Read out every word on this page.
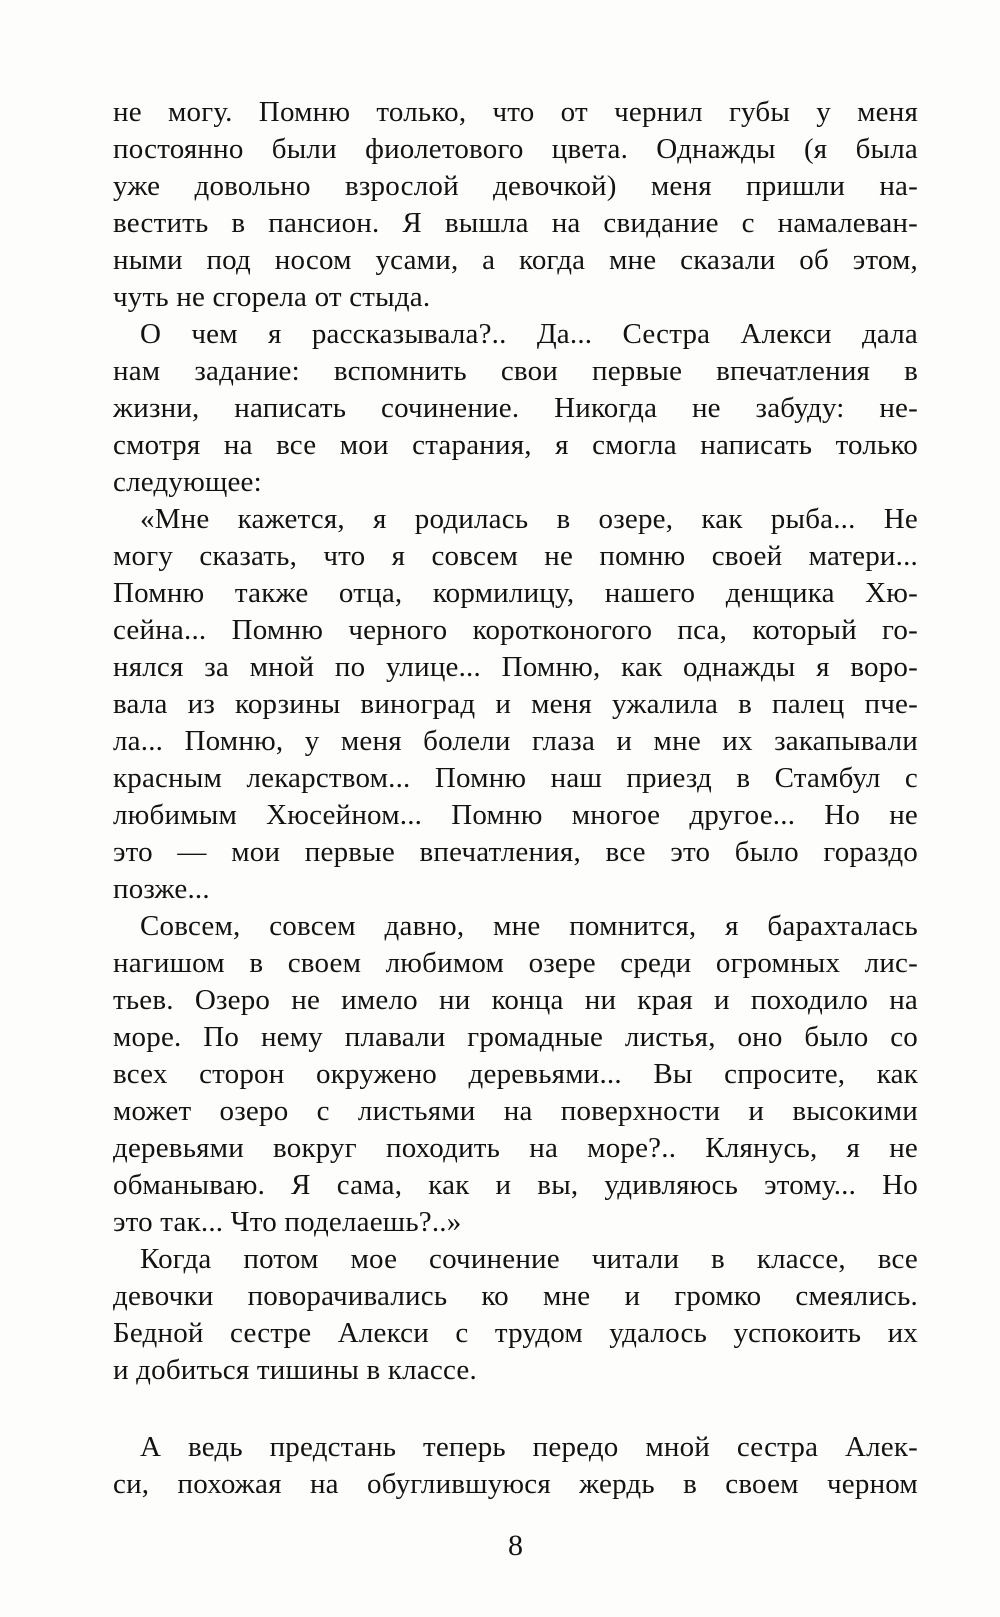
не могу. Помню только, что от чернил губы у меня
постоянно были фиолетового цвета. Однажды (я была
уже довольно взрослой девочкой) меня пришли на-
вестить в пансион. Я вышла на свидание с намалеван-
ными под носом усами, а когда мне сказали об этом,
чуть не сгорела от стыда.
О чем я рассказывала?.. Да... Сестра Алекси дала
нам задание: вспомнить свои первые впечатления в
жизни, написать сочинение. Никогда не забуду: не-
смотря на все мои старания, я смогла написать только
следующее:
«Мне кажется, я родилась в озере, как рыба... Не
могу сказать, что я совсем не помню своей матери...
Помню также отца, кормилицу, нашего денщика Хю-
сейна... Помню черного коротконогого пса, который го-
нялся за мной по улице... Помню, как однажды я воро-
вала из корзины виноград и меня ужалила в палец пче-
ла... Помню, у меня болели глаза и мне их закапывали
красным лекарством... Помню наш приезд в Стамбул с
любимым Хюсейном... Помню многое другое... Но не
это — мои первые впечатления, все это было гораздо
позже...
Совсем, совсем давно, мне помнится, я барахталась
нагишом в своем любимом озере среди огромных лис-
тьев. Озеро не имело ни конца ни края и походило на
море. По нему плавали громадные листья, оно было со
всех сторон окружено деревьями... Вы спросите, как
может озеро с листьями на поверхности и высокими
деревьями вокруг походить на море?.. Клянусь, я не
обманываю. Я сама, как и вы, удивляюсь этому... Но
это так... Что поделаешь?..»
Когда потом мое сочинение читали в классе, все
девочки поворачивались ко мне и громко смеялись.
Бедной сестре Алекси с трудом удалось успокоить их
и добиться тишины в классе.
А ведь предстань теперь передо мной сестра Алек-
си, похожая на обуглившуюся жердь в своем черном
8
